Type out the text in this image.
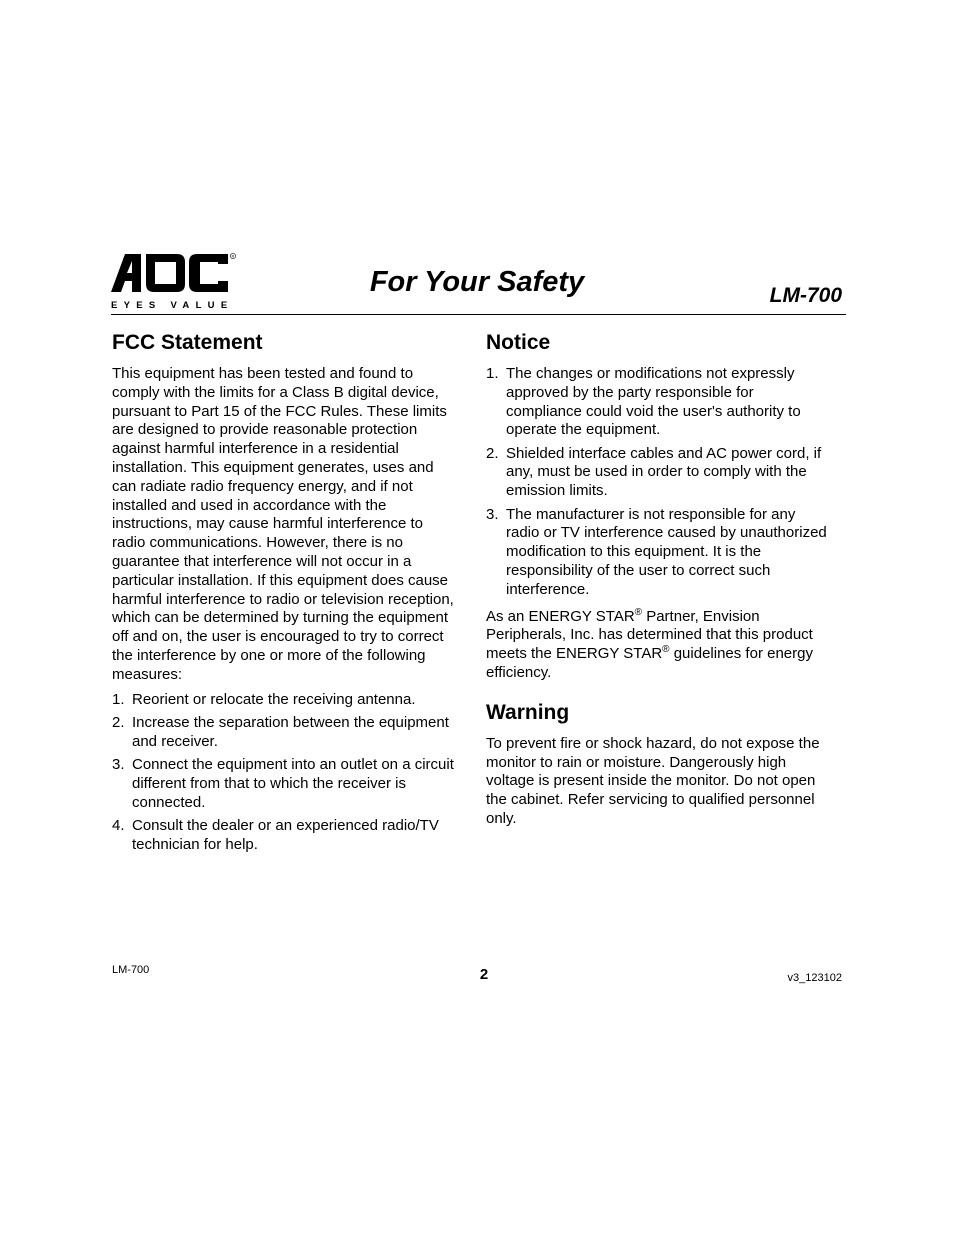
R
EYES VALUE
For Your Safety	LM-700
FCC Statement

This equipment has been tested and found to comply with the limits for a Class B digital device, pursuant to Part 15 of the FCC Rules. These limits are designed to provide reasonable protection against harmful interference in a residential installation. This equipment generates, uses and can radiate radio frequency energy, and if not installed and used in accordance with the instructions, may cause harmful interference to radio communications. However, there is no guarantee that interference will not occur in a particular installation. If this equipment does cause harmful interference to radio or television reception, which can be determined by turning the equipment off and on, the user is encouraged to try to correct the interference by one or more of the following measures:

1. Reorient or relocate the receiving antenna.
2. Increase the separation between the equipment and receiver.
3. Connect the equipment into an outlet on a circuit different from that to which the receiver is connected.
4. Consult the dealer or an experienced radio/TV technician for help.
Notice
1. The changes or modifications not expressly approved by the party responsible for compliance could void the user's authority to operate the equipment.
2. Shielded interface cables and AC power cord, if any, must be used in order to comply with the emission limits.
3. The manufacturer is not responsible for any radio or TV interference caused by unauthorized modification to this equipment. It is the responsibility of the user to correct such interference.

As an ENERGY STAR® Partner, Envision Peripherals, Inc. has determined that this product meets the ENERGY STAR® guidelines for energy efficiency.

Warning

To prevent fire or shock hazard, do not expose the monitor to rain or moisture. Dangerously high voltage is present inside the monitor. Do not open the cabinet. Refer servicing to qualified personnel only.

LM-700	2	v3_123102
